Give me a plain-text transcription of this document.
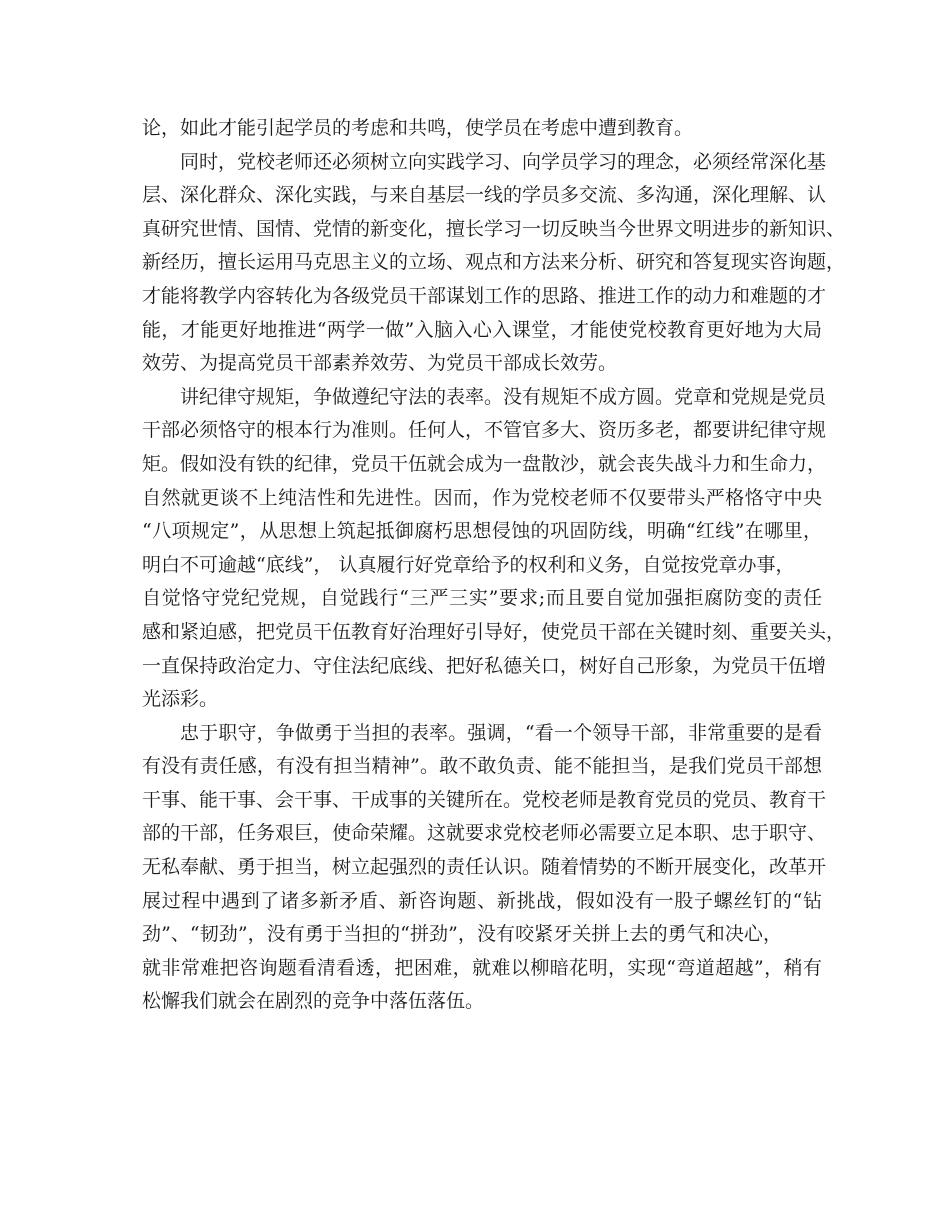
论，如此才能引起学员的考虑和共鸣，使学员在考虑中遭到教育。
同时，党校老师还必须树立向实践学习、向学员学习的理念，必须经常深化基
层、深化群众、深化实践，与来自基层一线的学员多交流、多沟通，深化理解、认
真研究世情、国情、党情的新变化，擅长学习一切反映当今世界文明进步的新知识、
新经历，擅长运用马克思主义的立场、观点和方法来分析、研究和答复现实咨询题，
才能将教学内容转化为各级党员干部谋划工作的思路、推进工作的动力和难题的才
能，才能更好地推进“两学一做”入脑入心入课堂，才能使党校教育更好地为大局
效劳、为提高党员干部素养效劳、为党员干部成长效劳。
讲纪律守规矩，争做遵纪守法的表率。没有规矩不成方圆。党章和党规是党员
干部必须恪守的根本行为准则。任何人，不管官多大、资历多老，都要讲纪律守规
矩。假如没有铁的纪律，党员干伍就会成为一盘散沙，就会丧失战斗力和生命力，
自然就更谈不上纯洁性和先进性。因而，作为党校老师不仅要带头严格恪守中央
“八项规定”，从思想上筑起抵御腐朽思想侵蚀的巩固防线，明确“红线”在哪里，
明白不可逾越“底线”， 认真履行好党章给予的权利和义务，自觉按党章办事，
自觉恪守党纪党规，自觉践行“三严三实”要求;而且要自觉加强拒腐防变的责任
感和紧迫感，把党员干伍教育好治理好引导好，使党员干部在关键时刻、重要关头，
一直保持政治定力、守住法纪底线、把好私德关口，树好自己形象，为党员干伍增
光添彩。
忠于职守，争做勇于当担的表率。强调，“看一个领导干部，非常重要的是看
有没有责任感，有没有担当精神”。敢不敢负责、能不能担当，是我们党员干部想
干事、能干事、会干事、干成事的关键所在。党校老师是教育党员的党员、教育干
部的干部，任务艰巨，使命荣耀。这就要求党校老师必需要立足本职、忠于职守、
无私奉献、勇于担当，树立起强烈的责任认识。随着情势的不断开展变化，改革开
展过程中遇到了诸多新矛盾、新咨询题、新挑战，假如没有一股子螺丝钉的“钻
劲”、“韧劲”，没有勇于当担的“拼劲”，没有咬紧牙关拼上去的勇气和决心，
就非常难把咨询题看清看透，把困难，就难以柳暗花明，实现“弯道超越”，稍有
松懈我们就会在剧烈的竞争中落伍落伍。
